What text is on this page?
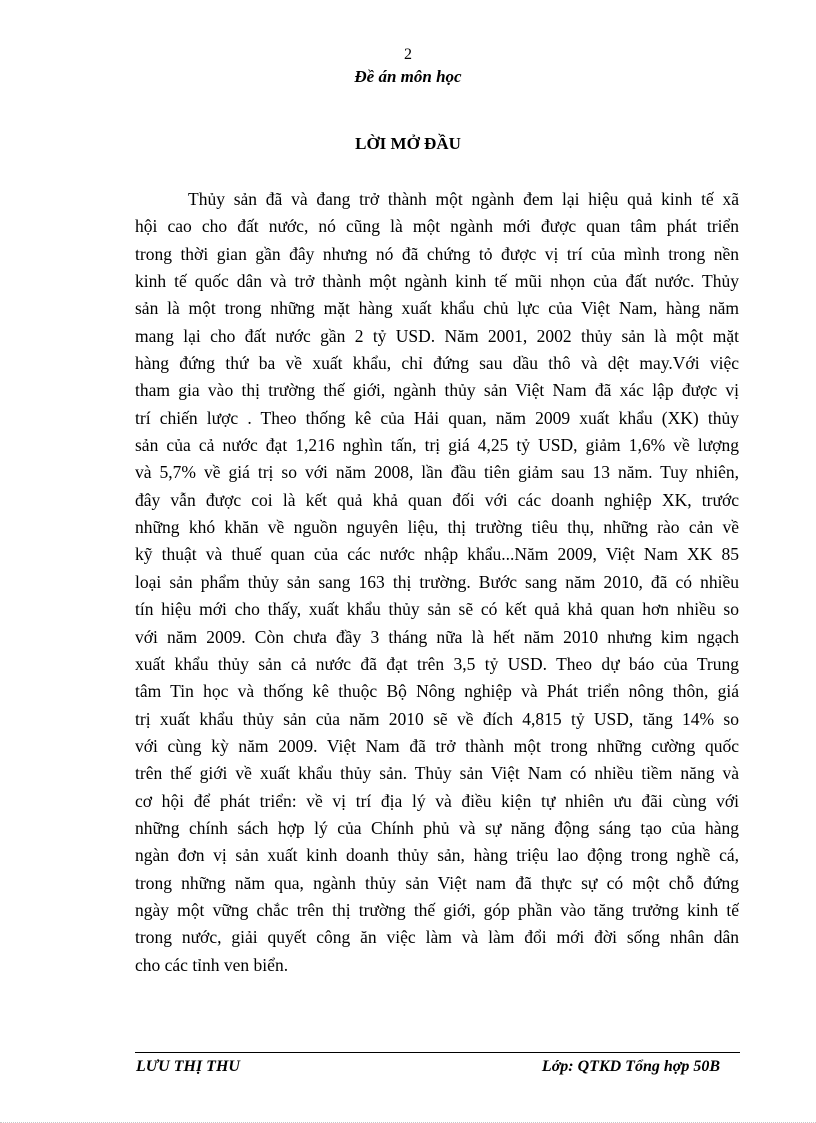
2
Đề án môn học
LỜI MỞ ĐẦU
Thủy sản đã và đang trở thành một ngành đem lại hiệu quả kinh tế xã
hội cao cho đất nước, nó cũng là một ngành mới được quan tâm phát triển
trong thời gian gần đây nhưng nó đã chứng tỏ được vị trí của mình trong nền
kinh tế quốc dân và trở thành một ngành kinh tế mũi nhọn của đất nước. Thủy
sản là một trong những mặt hàng xuất khẩu chủ lực của Việt Nam, hàng năm
mang lại cho đất nước gần 2 tỷ USD. Năm 2001, 2002 thủy sản là một mặt
hàng đứng thứ ba về xuất khẩu, chỉ đứng sau dầu thô và dệt may.Với việc
tham gia vào thị trường thế giới, ngành thủy sản Việt Nam đã xác lập được vị
trí chiến lược . Theo thống kê của Hải quan, năm 2009 xuất khẩu (XK) thủy
sản của cả nước đạt 1,216 nghìn tấn, trị giá 4,25 tỷ USD, giảm 1,6% về lượng
và 5,7% về giá trị so với năm 2008, lần đầu tiên giảm sau 13 năm. Tuy nhiên,
đây vẫn được coi là kết quả khả quan đối với các doanh nghiệp XK, trước
những khó khăn về nguồn nguyên liệu, thị trường tiêu thụ, những rào cản về
kỹ thuật và thuế quan của các nước nhập khẩu...Năm 2009, Việt Nam XK 85
loại sản phẩm thủy sản sang 163 thị trường. Bước sang năm 2010, đã có nhiều
tín hiệu mới cho thấy, xuất khẩu thủy sản sẽ có kết quả khả quan hơn nhiều so
với năm 2009. Còn chưa đầy 3 tháng nữa là hết năm 2010 nhưng kim ngạch
xuất khẩu thủy sản cả nước đã đạt trên 3,5 tỷ USD. Theo dự báo của Trung
tâm Tin học và thống kê thuộc Bộ Nông nghiệp và Phát triển nông thôn, giá
trị xuất khẩu thủy sản của năm 2010 sẽ về đích 4,815 tỷ USD, tăng 14% so
với cùng kỳ năm 2009. Việt Nam đã trở thành một trong những cường quốc
trên thế giới về xuất khẩu thủy sản. Thủy sản Việt Nam có nhiều tiềm năng và
cơ hội để phát triển: về vị trí địa lý và điều kiện tự nhiên ưu đãi cùng với
những chính sách hợp lý của Chính phủ và sự năng động sáng tạo của hàng
ngàn đơn vị sản xuất kinh doanh thủy sản, hàng triệu lao động trong nghề cá,
trong những năm qua, ngành thủy sản Việt nam đã thực sự có một chỗ đứng
ngày một vững chắc trên thị trường thế giới, góp phần vào tăng trưởng kinh tế
trong nước, giải quyết công ăn việc làm và làm đổi mới đời sống nhân dân
cho các tỉnh ven biển.
LƯU THỊ THU	Lớp: QTKD Tổng hợp 50B
